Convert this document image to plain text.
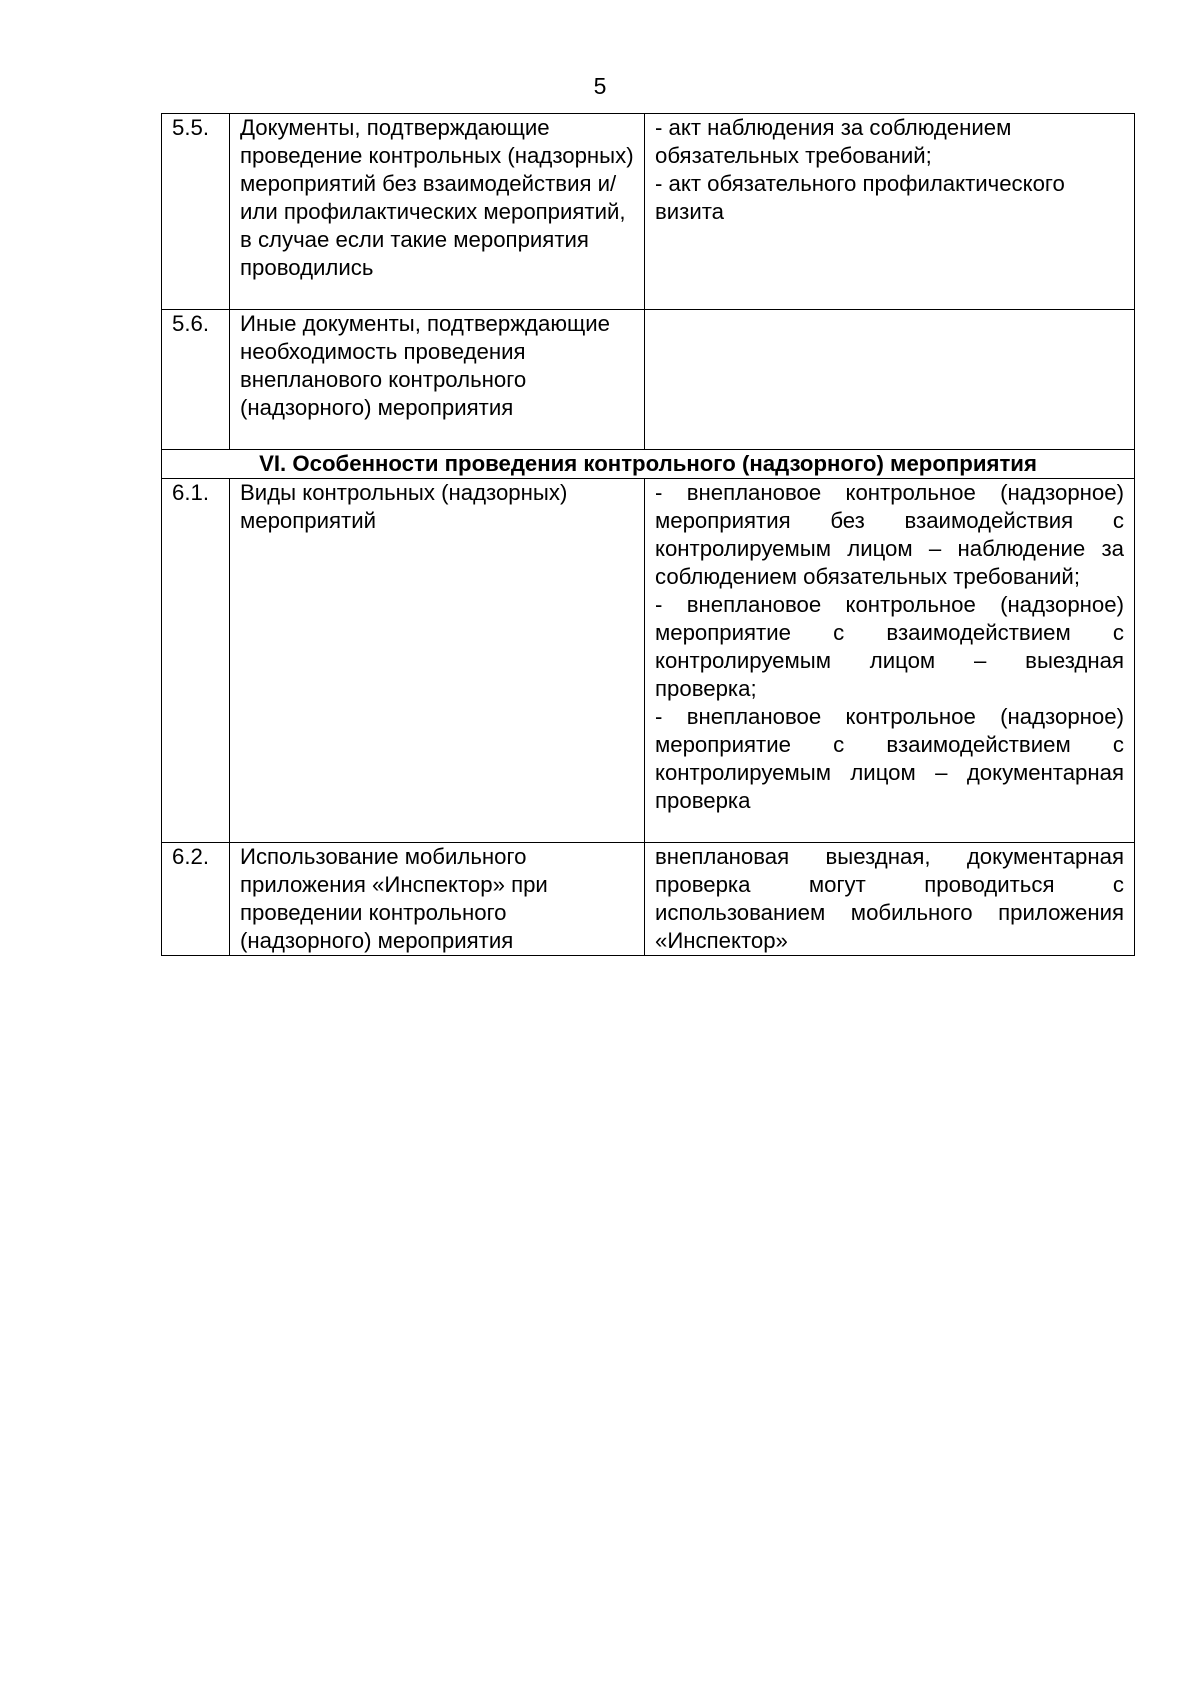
5
5.5.	Документы, подтверждающие проведение контрольных (надзорных) мероприятий без взаимодействия и/или профилактических мероприятий, в случае если такие мероприятия проводились	- акт наблюдения за соблюдением обязательных требований;
- акт обязательного профилактического визита

5.6.	Иные документы, подтверждающие необходимость проведения внепланового контрольного (надзорного) мероприятия	
VI. Особенности проведения контрольного (надзорного) мероприятия		
6.1.	Виды контрольных (надзорных) мероприятий	- внеплановое контрольное (надзорное) мероприятия без взаимодействия с контролируемым лицом – наблюдение за соблюдением обязательных требований;
- внеплановое контрольное (надзорное) мероприятие с взаимодействием с контролируемым лицом – выездная проверка;
- внеплановое контрольное (надзорное) мероприятие с взаимодействием с контролируемым лицом – документарная проверка

6.2.	Использование мобильного приложения «Инспектор» при проведении контрольного (надзорного) мероприятия	внеплановая выездная, документарная проверка могут проводиться с использованием мобильного приложения «Инспектор»
